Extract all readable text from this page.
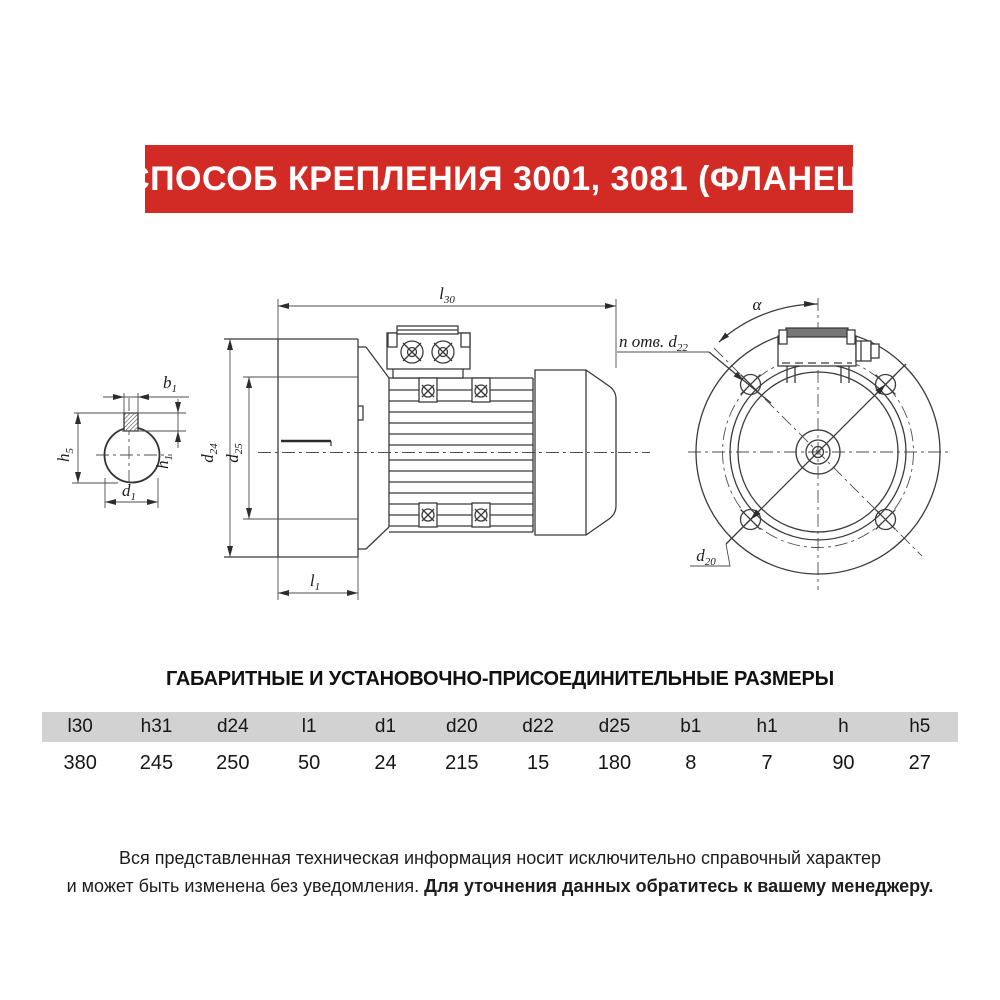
СПОСОБ КРЕПЛЕНИЯ 3001, 3081 (ФЛАНЕЦ)
$b_1$
$h_5$
$h_1$
$d_1$
$l_{30}$
$d_{24}$
$d_{25}$
$l_1$
$d_{20}$
α
n отв. $d_{22}$
ГАБАРИТНЫЕ И УСТАНОВОЧНО-ПРИСОЕДИНИТЕЛЬНЫЕ РАЗМЕРЫ
l30	h31	d24	l1	d1	d20	d22	d25	b1	h1	h	h5
380	245	250	50	24	215	15	180	8	7	90	27
Вся представленная техническая информация носит исключительно справочный характер
и может быть изменена без уведомления. Для уточнения данных обратитесь к вашему менеджеру.
